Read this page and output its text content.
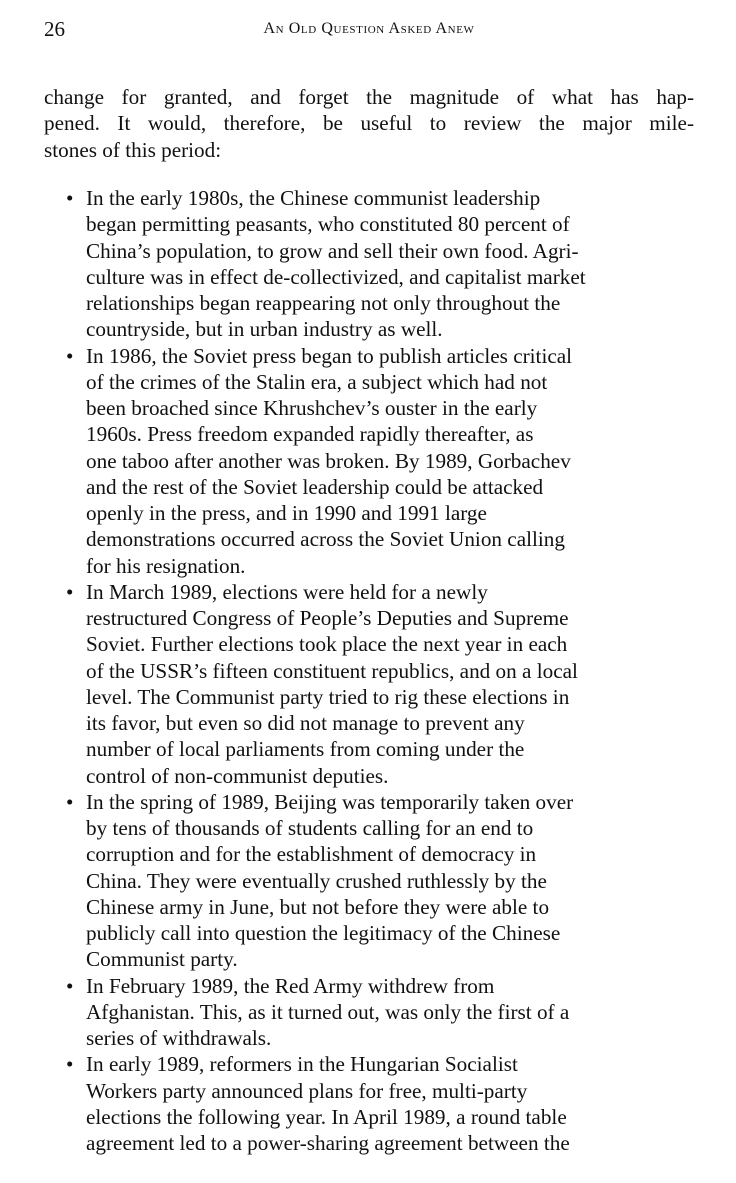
26	An Old Question Asked Anew

change for granted, and forget the magnitude of what has hap-
pened. It would, therefore, be useful to review the major mile-
stones of this period:

• In the early 1980s, the Chinese communist leadership
began permitting peasants, who constituted 80 percent of
China’s population, to grow and sell their own food. Agri-
culture was in effect de-collectivized, and capitalist market
relationships began reappearing not only throughout the
countryside, but in urban industry as well.
• In 1986, the Soviet press began to publish articles critical
of the crimes of the Stalin era, a subject which had not
been broached since Khrushchev’s ouster in the early
1960s. Press freedom expanded rapidly thereafter, as
one taboo after another was broken. By 1989, Gorbachev
and the rest of the Soviet leadership could be attacked
openly in the press, and in 1990 and 1991 large
demonstrations occurred across the Soviet Union calling
for his resignation.
• In March 1989, elections were held for a newly
restructured Congress of People’s Deputies and Supreme
Soviet. Further elections took place the next year in each
of the USSR’s fifteen constituent republics, and on a local
level. The Communist party tried to rig these elections in
its favor, but even so did not manage to prevent any
number of local parliaments from coming under the
control of non-communist deputies.
• In the spring of 1989, Beijing was temporarily taken over
by tens of thousands of students calling for an end to
corruption and for the establishment of democracy in
China. They were eventually crushed ruthlessly by the
Chinese army in June, but not before they were able to
publicly call into question the legitimacy of the Chinese
Communist party.
• In February 1989, the Red Army withdrew from
Afghanistan. This, as it turned out, was only the first of a
series of withdrawals.
• In early 1989, reformers in the Hungarian Socialist
Workers party announced plans for free, multi-party
elections the following year. In April 1989, a round table
agreement led to a power-sharing agreement between the
